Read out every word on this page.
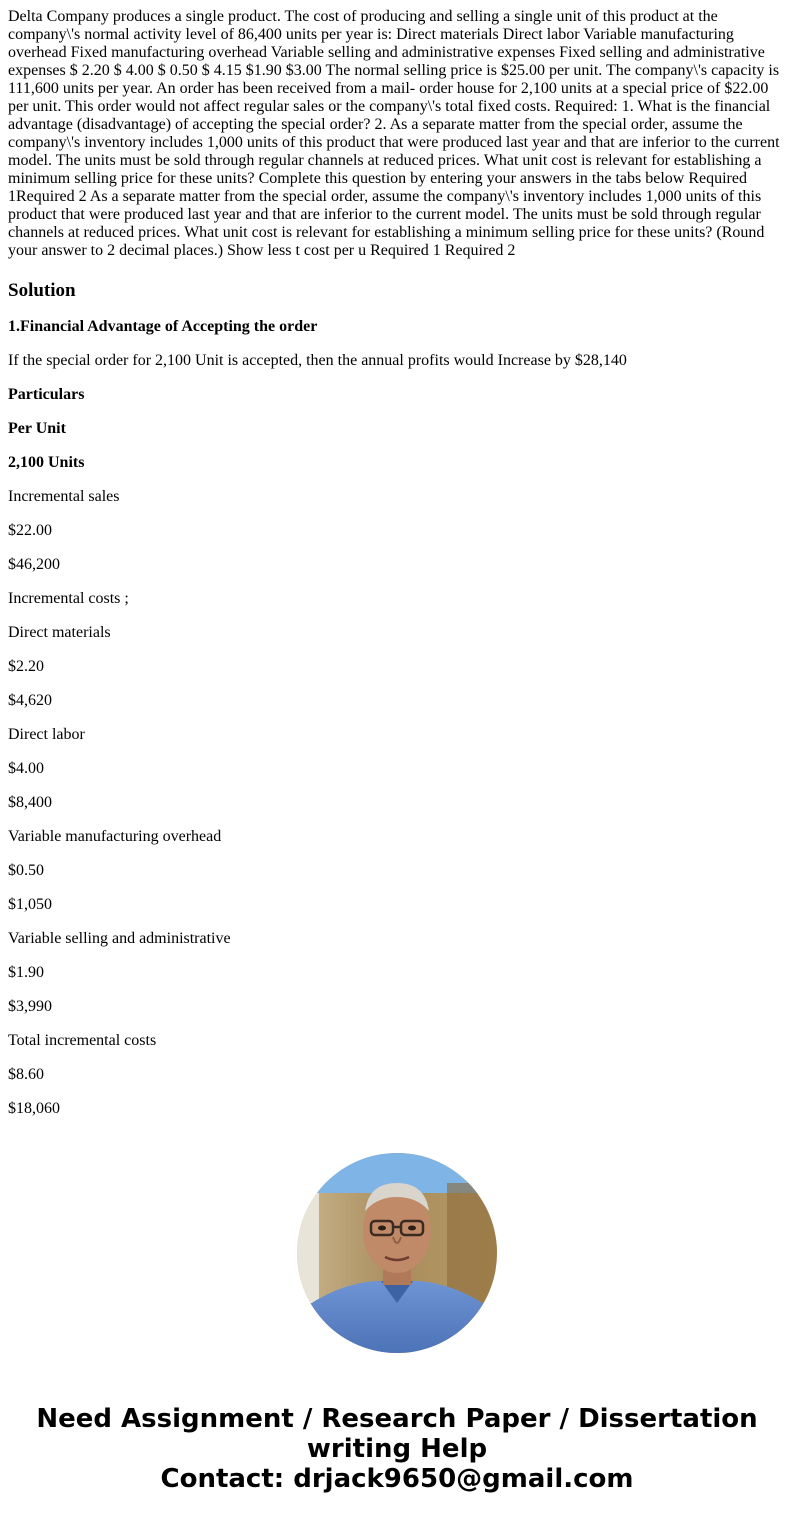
Delta Company produces a single product. The cost of producing and selling a single unit of this product at the company\'s normal activity level of 86,400 units per year is: Direct materials Direct labor Variable manufacturing overhead Fixed manufacturing overhead Variable selling and administrative expenses Fixed selling and administrative expenses $ 2.20 $ 4.00 $ 0.50 $ 4.15 $1.90 $3.00 The normal selling price is $25.00 per unit. The company\'s capacity is 111,600 units per year. An order has been received from a mail- order house for 2,100 units at a special price of $22.00 per unit. This order would not affect regular sales or the company\'s total fixed costs. Required: 1. What is the financial advantage (disadvantage) of accepting the special order? 2. As a separate matter from the special order, assume the company\'s inventory includes 1,000 units of this product that were produced last year and that are inferior to the current model. The units must be sold through regular channels at reduced prices. What unit cost is relevant for establishing a minimum selling price for these units? Complete this question by entering your answers in the tabs below Required 1Required 2 As a separate matter from the special order, assume the company\'s inventory includes 1,000 units of this product that were produced last year and that are inferior to the current model. The units must be sold through regular channels at reduced prices. What unit cost is relevant for establishing a minimum selling price for these units? (Round your answer to 2 decimal places.) Show less t cost per u Required 1 Required 2
Solution

1.Financial Advantage of Accepting the order

If the special order for 2,100 Unit is accepted, then the annual profits would Increase by $28,140

Particulars

Per Unit

2,100 Units

Incremental sales

$22.00

$46,200

Incremental costs ;

Direct materials

$2.20

$4,620

Direct labor

$4.00

$8,400

Variable manufacturing overhead

$0.50

$1,050

Variable selling and administrative

$1.90

$3,990

Total incremental costs

$8.60

$18,060

Need Assignment / Research Paper / Dissertation
writing Help
Contact: drjack9650@gmail.com
